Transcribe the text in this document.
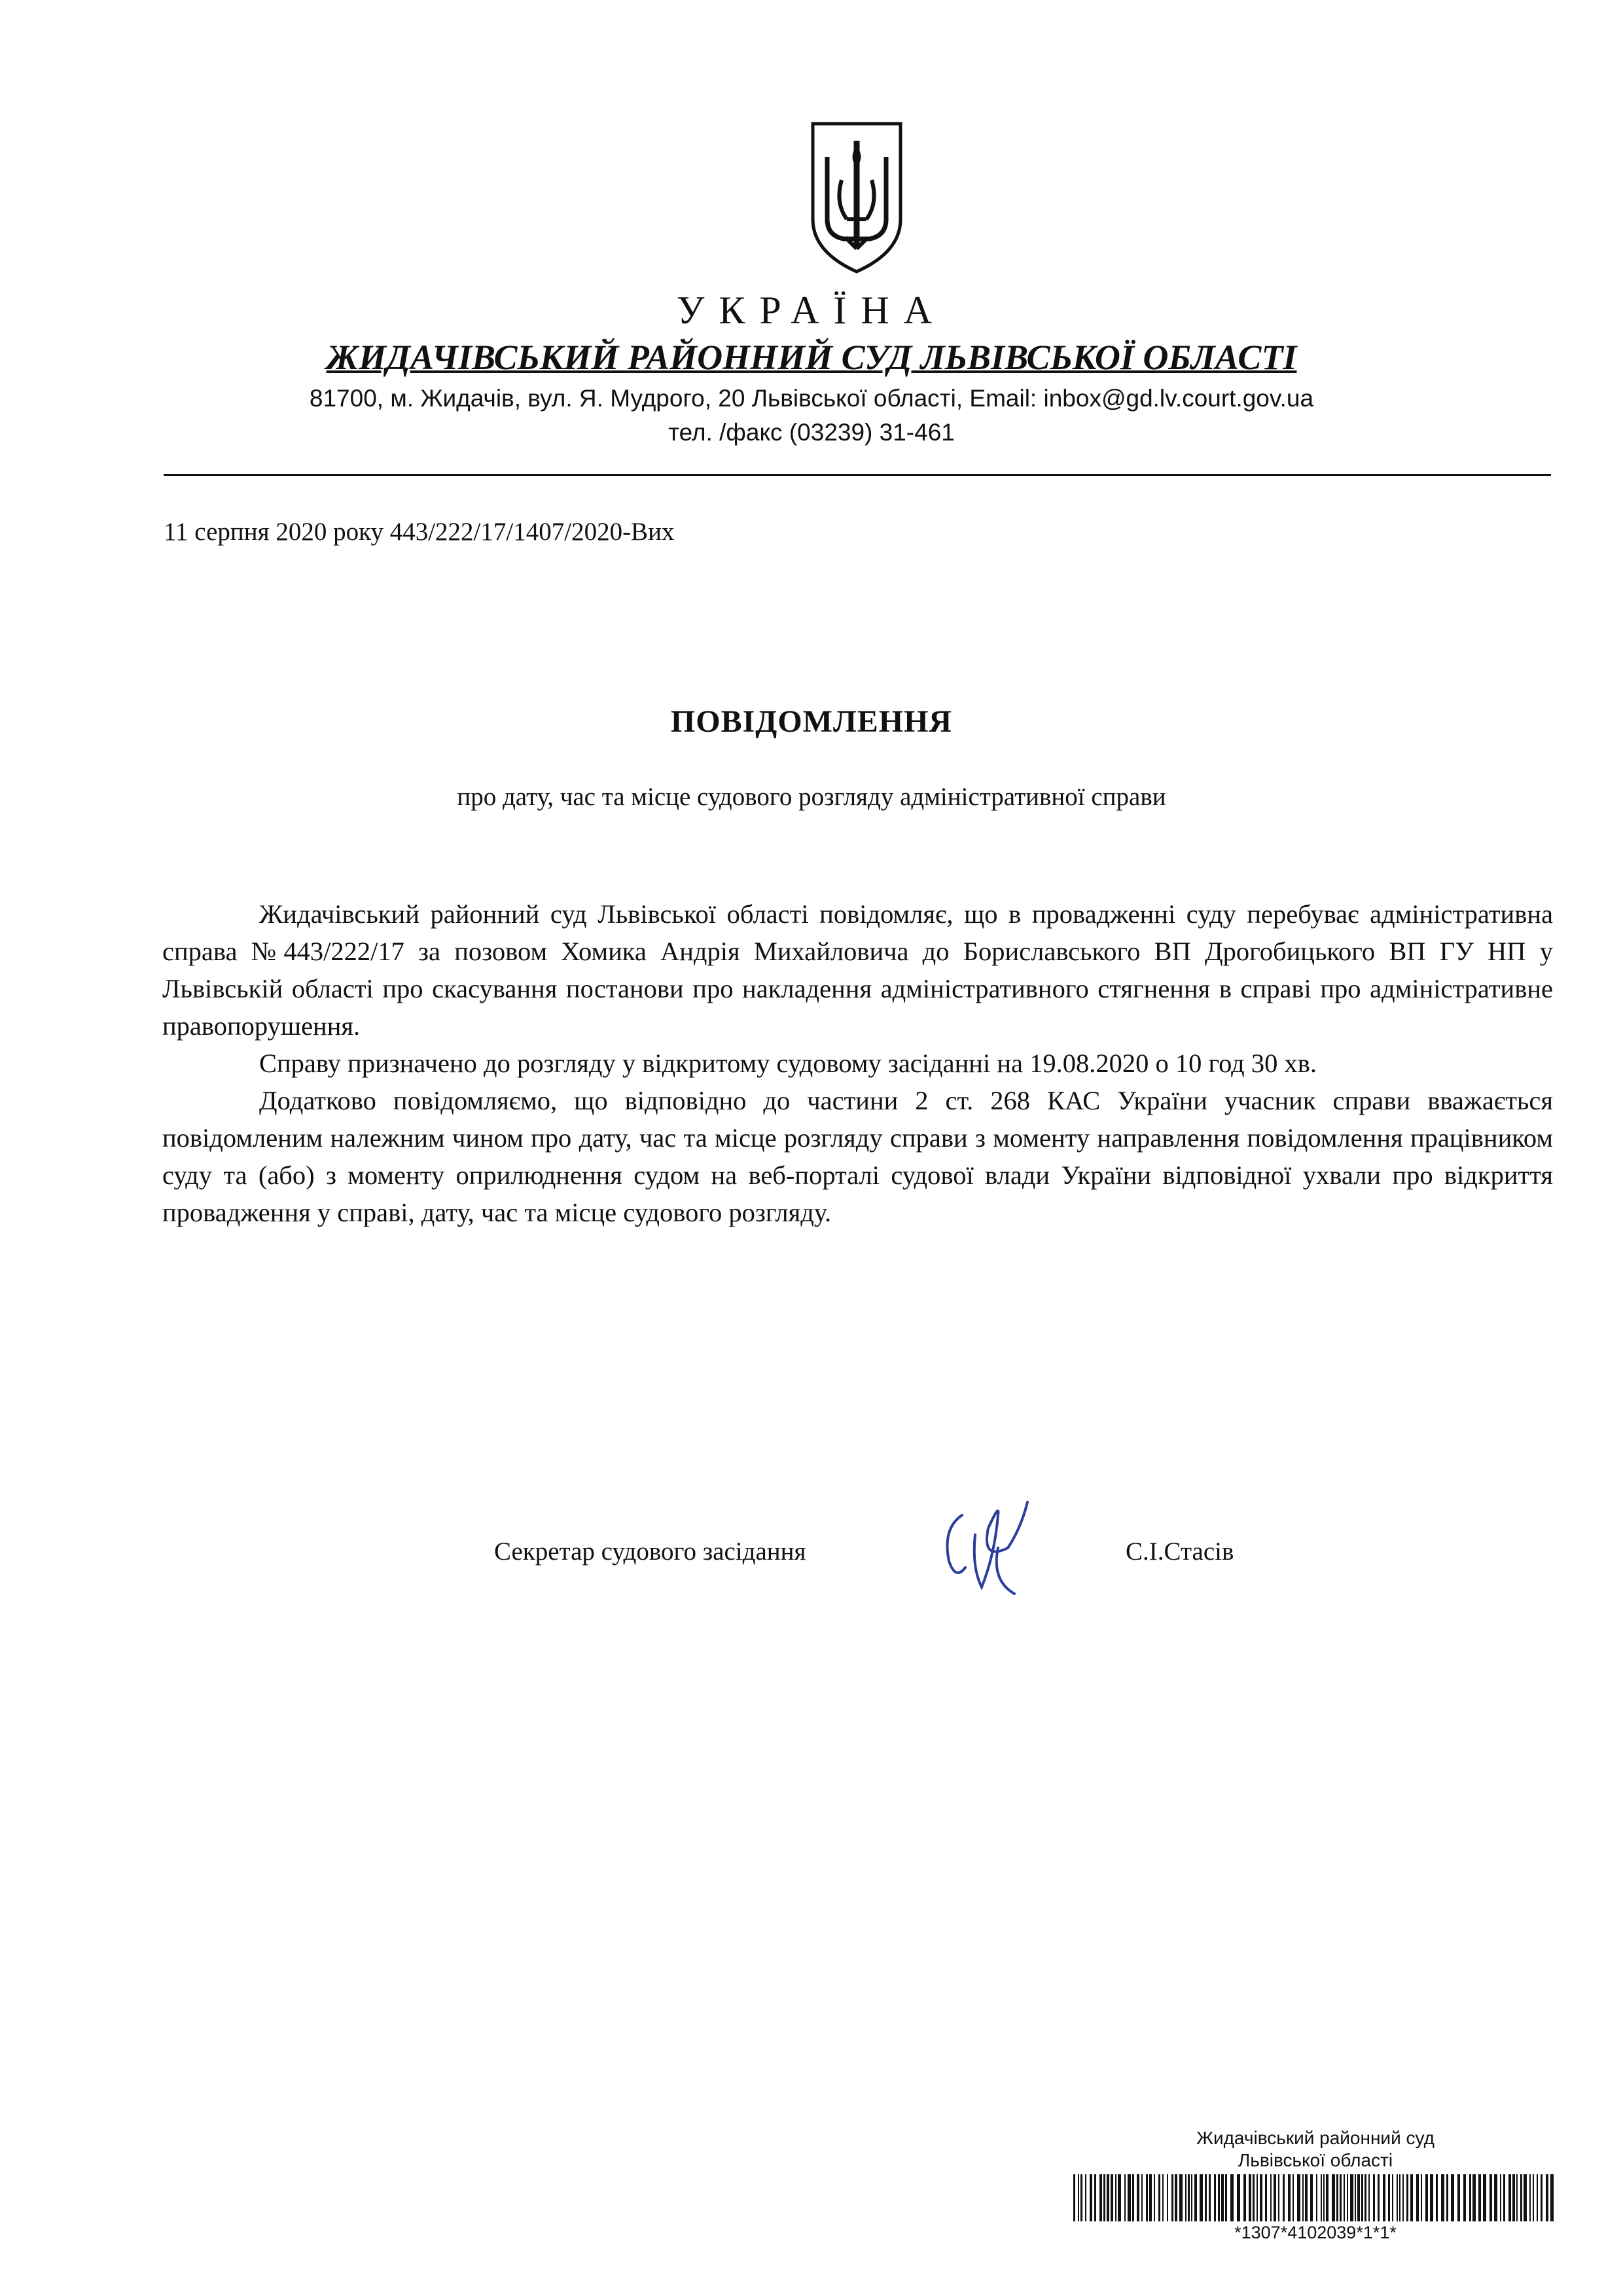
УКРАЇНА
ЖИДАЧІВСЬКИЙ РАЙОННИЙ СУД ЛЬВІВСЬКОЇ ОБЛАСТІ
81700, м. Жидачів, вул. Я. Мудрого, 20 Львівської області, Email: inbox@gd.lv.court.gov.ua
тел. /факс (03239) 31-461
11 серпня 2020 року 443/222/17/1407/2020-Вих
ПОВІДОМЛЕННЯ
про дату, час та місце судового розгляду адміністративної справи

Жидачівський районний суд Львівської області повідомляє, що в провадженні суду перебуває адміністративна справа №443/222/17 за позовом Хомика Андрія Михайловича до Бориславського ВП Дрогобицького ВП ГУ НП у Львівській області про скасування постанови про накладення адміністративного стягнення в справі про адміністративне правопорушення.

Справу призначено до розгляду у відкритому судовому засіданні на 19.08.2020 о 10 год 30 хв.

Додатково повідомляємо, що відповідно до частини 2 ст. 268 КАС України учасник справи вважається повідомленим належним чином про дату, час та місце розгляду справи з моменту направлення повідомлення працівником суду та (або) з моменту оприлюднення судом на веб-порталі судової влади України відповідної ухвали про відкриття провадження у справі, дату, час та місце судового розгляду.

Секретар судового засідання	С.І.Стасів
Жидачівський районний суд
Львівської області
*1307*4102039*1*1*
